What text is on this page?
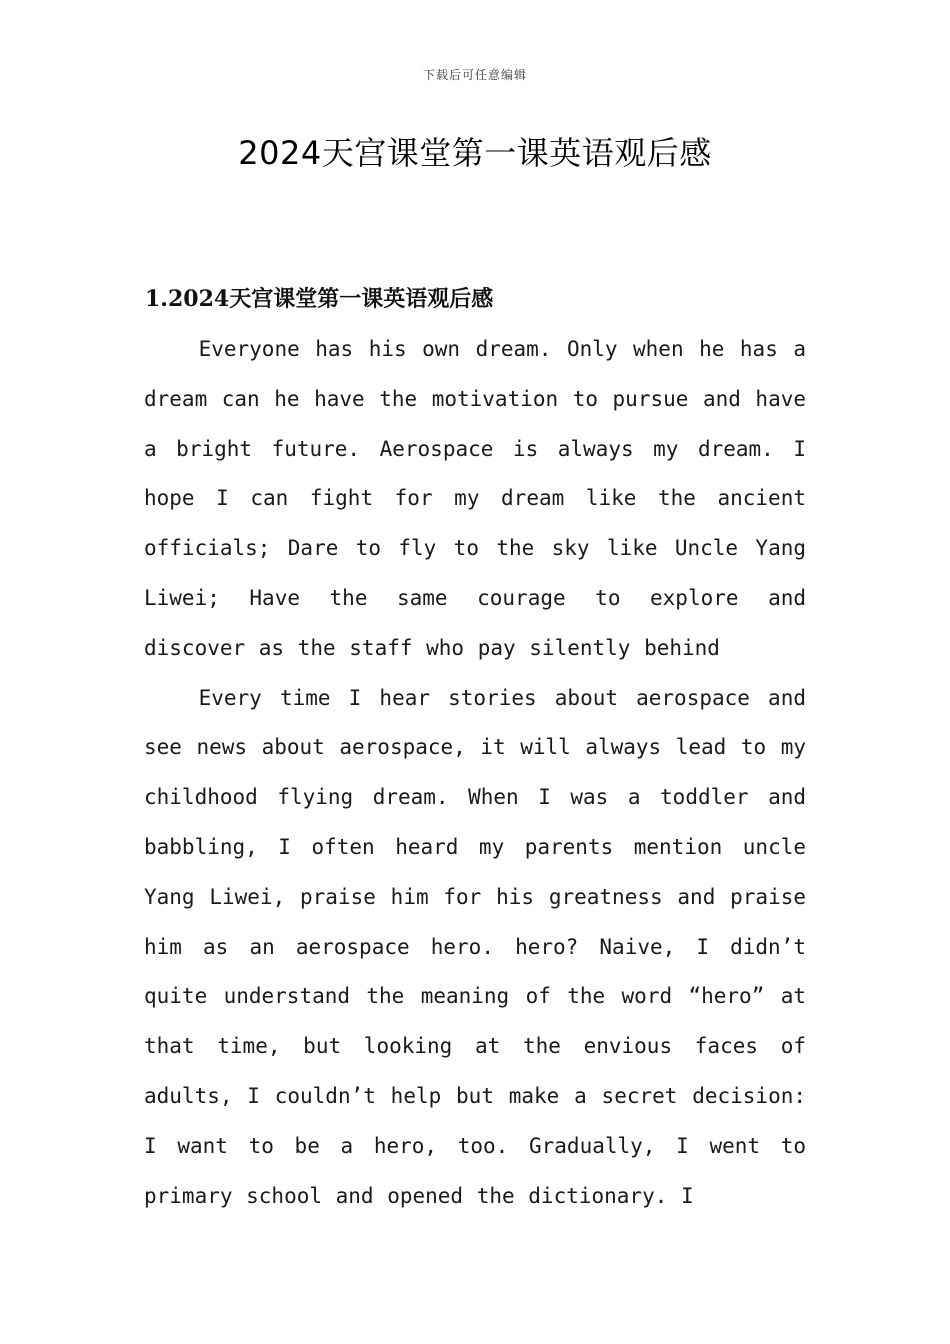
下载后可任意编辑
2024天宫课堂第一课英语观后感
1.2024天宫课堂第一课英语观后感

Everyone has his own dream. Only when he has a dream can he have the motivation to pursue and have a bright future. Aerospace is always my dream. I hope I can fight for my dream like the ancient officials; Dare to fly to the sky like Uncle Yang Liwei; Have the same courage to explore and discover as the staff who pay silently behind

Every time I hear stories about aerospace and see news about aerospace, it will always lead to my childhood flying dream. When I was a toddler and babbling, I often heard my parents mention uncle Yang Liwei, praise him for his greatness and praise him as an aerospace hero. hero? Naive, I didn’t quite understand the meaning of the word “hero” at that time, but looking at the envious faces of adults, I couldn’t help but make a secret decision: I want to be a hero, too. Gradually, I went to primary school and opened the dictionary. I
